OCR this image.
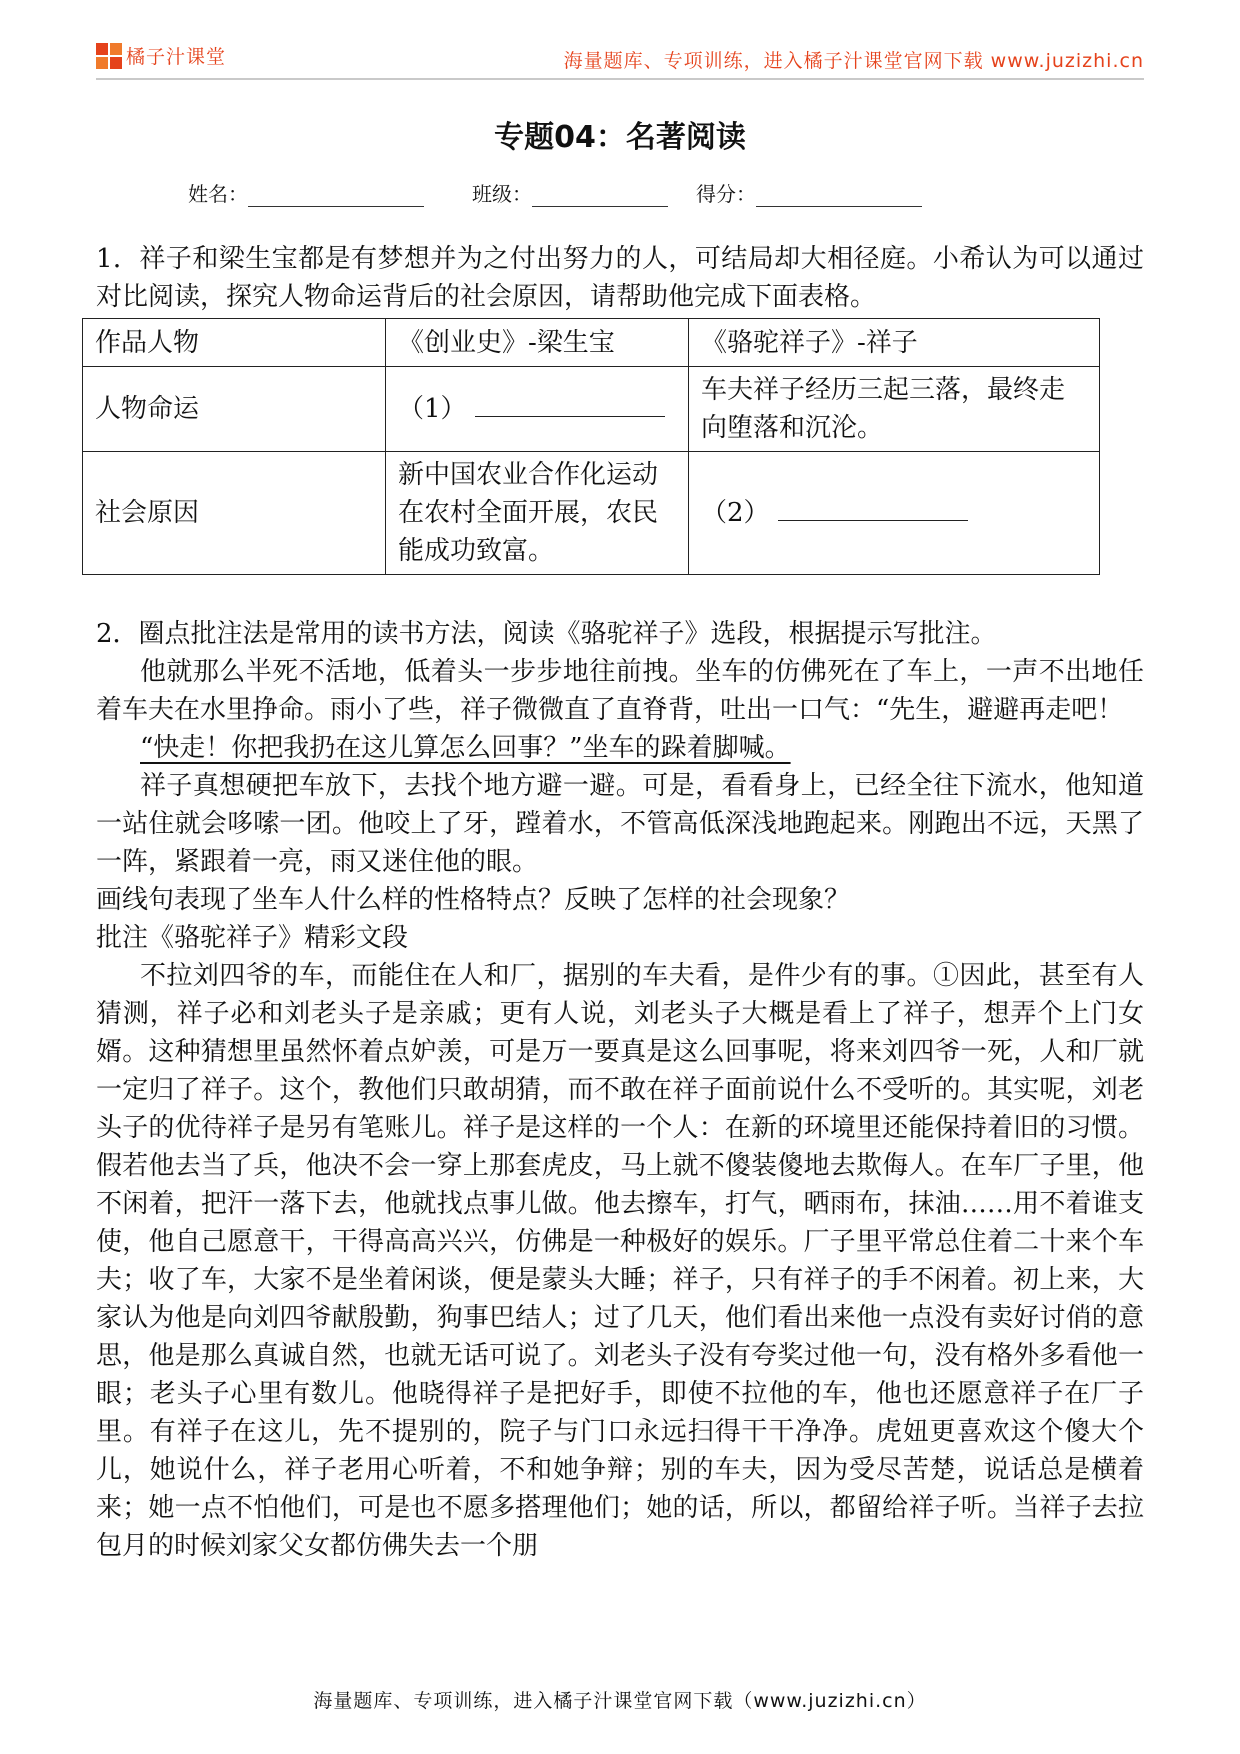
橘子汁课堂	海量题库、专项训练，进入橘子汁课堂官网下载 www.juzizhi.cn
专题04：名著阅读
姓名：	班级：	得分：

1．祥子和梁生宝都是有梦想并为之付出努力的人，可结局却大相径庭。小希认为可以通过对比阅读，探究人物命运背后的社会原因，请帮助他完成下面表格。

作品人物	《创业史》-梁生宝	《骆驼祥子》-祥子
人物命运	（1）	车夫祥子经历三起三落，最终走向堕落和沉沦。
社会原因	新中国农业合作化运动在农村全面开展，农民能成功致富。	（2）

2．圈点批注法是常用的读书方法，阅读《骆驼祥子》选段，根据提示写批注。

他就那么半死不活地，低着头一步步地往前拽。坐车的仿佛死在了车上，一声不出地任着车夫在水里挣命。雨小了些，祥子微微直了直脊背，吐出一口气：“先生，避避再走吧！

“快走！你把我扔在这儿算怎么回事？”坐车的跺着脚喊。

祥子真想硬把车放下，去找个地方避一避。可是，看看身上，已经全往下流水，他知道一站住就会哆嗦一团。他咬上了牙，蹚着水，不管高低深浅地跑起来。刚跑出不远，天黑了一阵，紧跟着一亮，雨又迷住他的眼。

画线句表现了坐车人什么样的性格特点？反映了怎样的社会现象？

批注《骆驼祥子》精彩文段

不拉刘四爷的车，而能住在人和厂，据别的车夫看，是件少有的事。①因此，甚至有人猜测，祥子必和刘老头子是亲戚；更有人说，刘老头子大概是看上了祥子，想弄个上门女婿。这种猜想里虽然怀着点妒羡，可是万一要真是这么回事呢，将来刘四爷一死，人和厂就一定归了祥子。这个，教他们只敢胡猜，而不敢在祥子面前说什么不受听的。其实呢，刘老头子的优待祥子是另有笔账儿。祥子是这样的一个人：在新的环境里还能保持着旧的习惯。假若他去当了兵，他决不会一穿上那套虎皮，马上就不傻装傻地去欺侮人。在车厂子里，他不闲着，把汗一落下去，他就找点事儿做。他去擦车，打气，晒雨布，抹油……用不着谁支使，他自己愿意干，干得高高兴兴，仿佛是一种极好的娱乐。厂子里平常总住着二十来个车夫；收了车，大家不是坐着闲谈，便是蒙头大睡；祥子，只有祥子的手不闲着。初上来，大家认为他是向刘四爷献殷勤，狗事巴结人；过了几天，他们看出来他一点没有卖好讨俏的意思，他是那么真诚自然，也就无话可说了。刘老头子没有夸奖过他一句，没有格外多看他一眼；老头子心里有数儿。他晓得祥子是把好手，即使不拉他的车，他也还愿意祥子在厂子里。有祥子在这儿，先不提别的，院子与门口永远扫得干干净净。虎妞更喜欢这个傻大个儿，她说什么，祥子老用心听着，不和她争辩；别的车夫，因为受尽苦楚，说话总是横着来；她一点不怕他们，可是也不愿多搭理他们；她的话，所以，都留给祥子听。当祥子去拉包月的时候刘家父女都仿佛失去一个朋

海量题库、专项训练，进入橘子汁课堂官网下载（www.juzizhi.cn）
